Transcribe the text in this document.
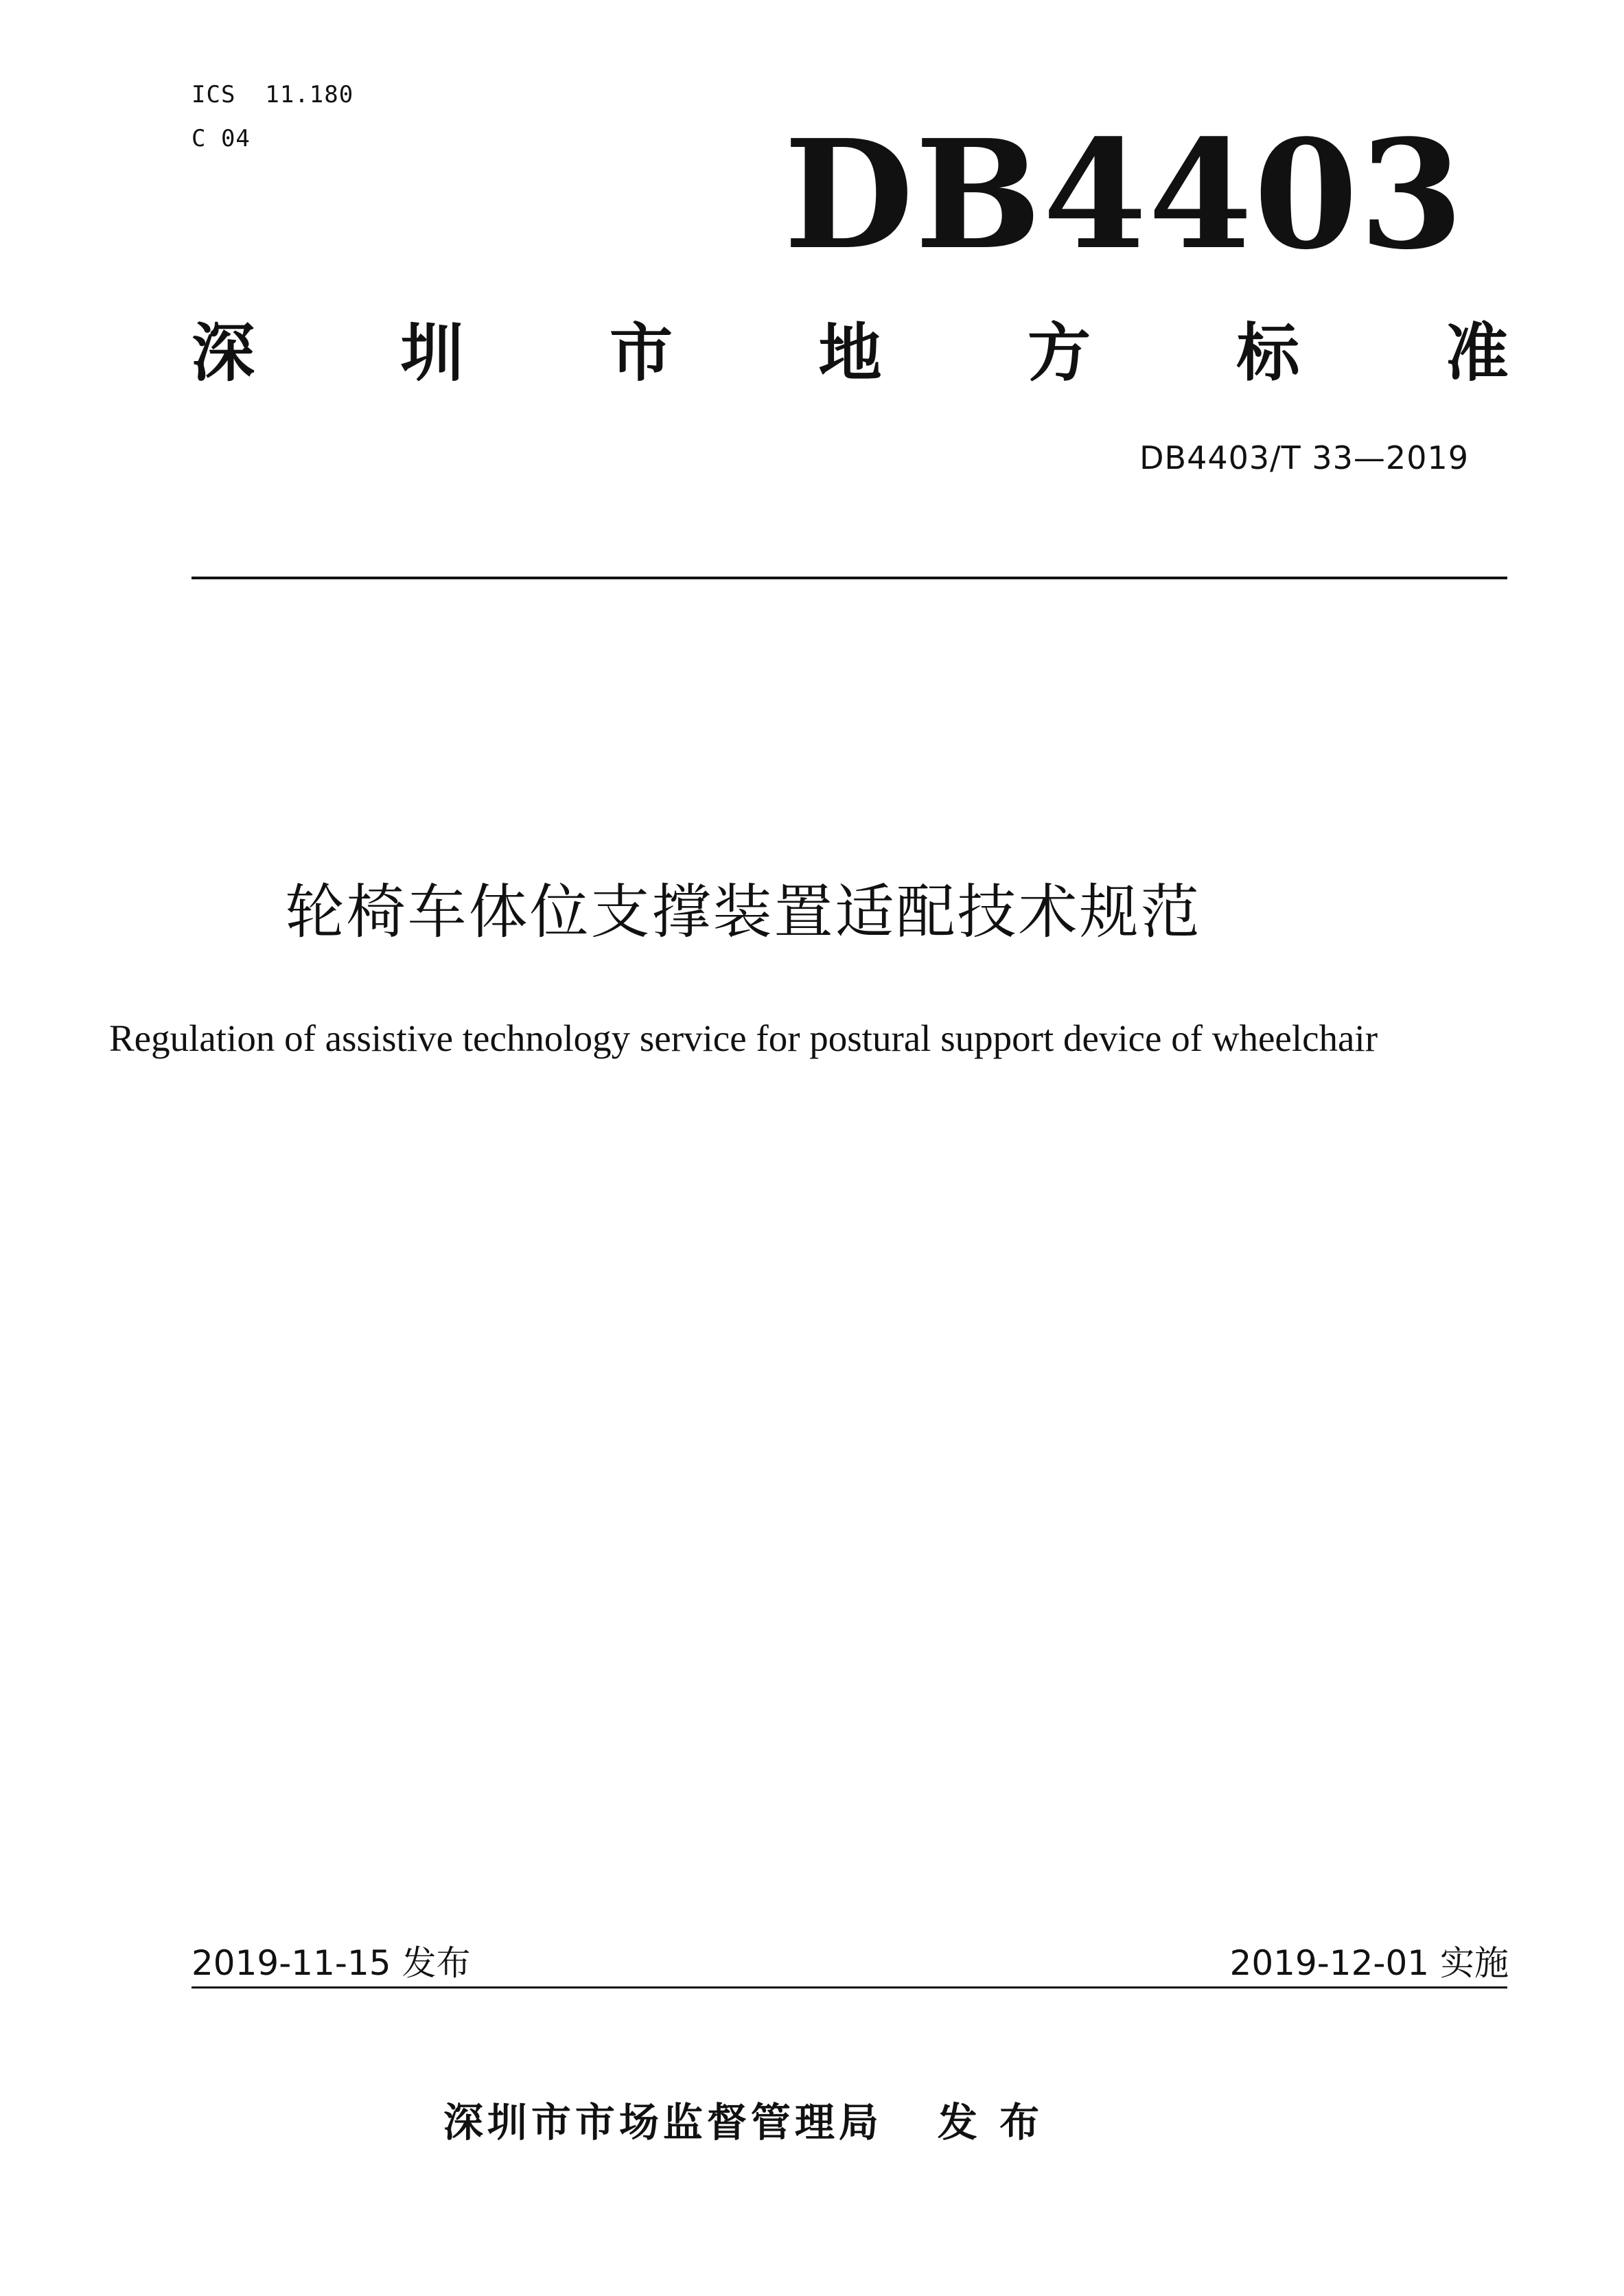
ICS  11.180
C 04	DB4403
深 圳 市 地 方 标 准
DB4403/T 33—2019
轮椅车体位支撑装置适配技术规范
Regulation of assistive technology service for postural support device of wheelchair
2019-11-15 发布	2019-12-01 实施
深圳市市场监督管理局 发 布
